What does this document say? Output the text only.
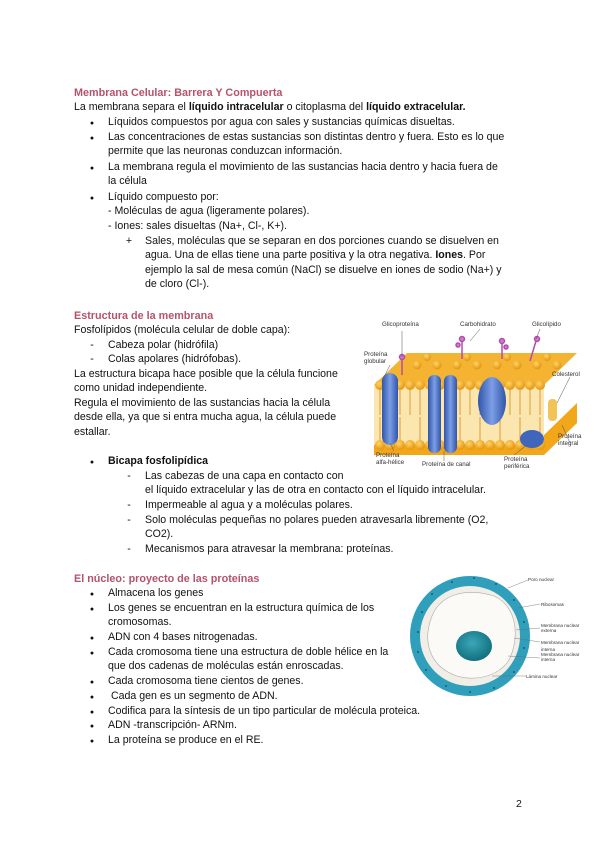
Membrana Celular: Barrera Y Compuerta
La membrana separa el líquido intracelular o citoplasma del líquido extracelular.
●
Líquidos compuestos por agua con sales y sustancias químicas disueltas.
●
Las concentraciones de estas sustancias son distintas dentro y fuera. Esto es lo que
permite que las neuronas conduzcan información.
●
La membrana regula el movimiento de las sustancias hacia dentro y hacia fuera de
la célula
●
Líquido compuesto por:
- Moléculas de agua (ligeramente polares).
- Iones: sales disueltas (Na+, Cl-, K+).
+
Sales, moléculas que se separan en dos porciones cuando se disuelven en
agua. Una de ellas tiene una parte positiva y la otra negativa. Iones. Por
ejemplo la sal de mesa común (NaCl) se disuelve en iones de sodio (Na+) y
de cloro (Cl-).
Estructura de la membrana
Fosfolípidos (molécula celular de doble capa):
-
Cabeza polar (hidrófila)
-
Colas apolares (hidrófobas).
La estructura bicapa hace posible que la célula funcione
como unidad independiente.
Regula el movimiento de las sustancias hacia la célula
desde ella, ya que si entra mucha agua, la célula puede
estallar.
Glicoproteína	Carbohidrato	Glicolípido
Colesterol
Proteína
globular
Proteína
integral
Proteína
alfa-hélice	Proteína de canal
Proteína
periférica
●
Bicapa fosfolipídica
-
Las cabezas de una capa en contacto con
el líquido extracelular y las de otra en contacto con el líquido intracelular.
-
Impermeable al agua y a moléculas polares.
-
Solo moléculas pequeñas no polares pueden atravesarla libremente (O2,
CO2).
-
Mecanismos para atravesar la membrana: proteínas.
El núcleo: proyecto de las proteínas
●
Almacena los genes
●
Los genes se encuentran en la estructura química de los
cromosomas.
●
ADN con 4 bases nitrogenadas.
●
Cada cromosoma tiene una estructura de doble hélice en la
que dos cadenas de moléculas están enroscadas.
●
Cada cromosoma tiene cientos de genes.
●
Cada gen es un segmento de ADN.
●
Codifica para la síntesis de un tipo particular de molécula proteica.
●
ADN -transcripción- ARNm.
●
La proteína se produce en el RE.
Poro nuclear
Ribosomas
Membrana nuclear
externa
Membrana nuclear interna
Membrana nuclear
interna
Lámina nuclear
2
